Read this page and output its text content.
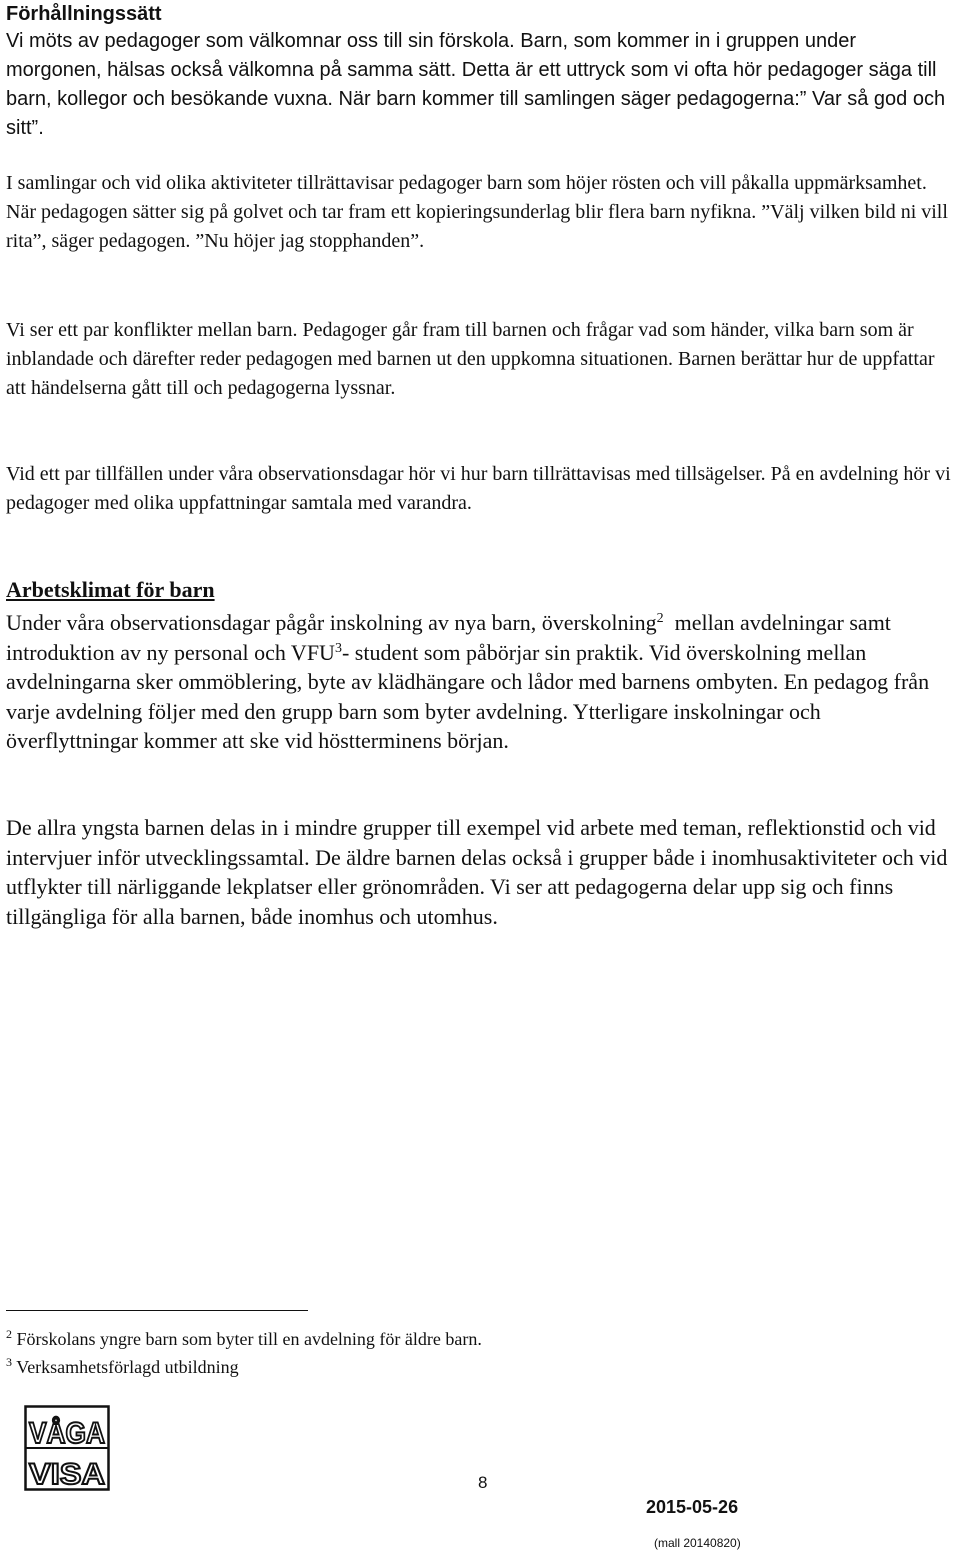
Förhållningssätt

Vi möts av pedagoger som välkomnar oss till sin förskola. Barn, som kommer in i gruppen under morgonen, hälsas också välkomna på samma sätt. Detta är ett uttryck som vi ofta hör pedagoger säga till barn, kollegor och besökande vuxna. När barn kommer till samlingen säger pedagogerna:” Var så god och sitt”.

I samlingar och vid olika aktiviteter tillrättavisar pedagoger barn som höjer rösten och vill påkalla uppmärksamhet. När pedagogen sätter sig på golvet och tar fram ett kopieringsunderlag blir flera barn nyfikna. ”Välj vilken bild ni vill rita”, säger pedagogen. ”Nu höjer jag stopphanden”.

Vi ser ett par konflikter mellan barn. Pedagoger går fram till barnen och frågar vad som händer, vilka barn som är inblandade och därefter reder pedagogen med barnen ut den uppkomna situationen. Barnen berättar hur de uppfattar att händelserna gått till och pedagogerna lyssnar.

Vid ett par tillfällen under våra observationsdagar hör vi hur barn tillrättavisas med tillsägelser. På en avdelning hör vi pedagoger med olika uppfattningar samtala med varandra.

Arbetsklimat för barn

Under våra observationsdagar pågår inskolning av nya barn, överskolning$^2$  mellan avdelningar samt introduktion av ny personal och VFU$^3$- student som påbörjar sin praktik. Vid överskolning mellan avdelningarna sker ommöblering, byte av klädhängare och lådor med barnens ombyten. En pedagog från varje avdelning följer med den grupp barn som byter avdelning. Ytterligare inskolningar och överflyttningar kommer att ske vid höstterminens början.

De allra yngsta barnen delas in i mindre grupper till exempel vid arbete med teman, reflektionstid och vid intervjuer inför utvecklingssamtal. De äldre barnen delas också i grupper både i inomhusaktiviteter och vid utflykter till närliggande lekplatser eller grönområden. Vi ser att pedagogerna delar upp sig och finns tillgängliga för alla barnen, både inomhus och utomhus.

$^2$ Förskolans yngre barn som byter till en avdelning för äldre barn.
$^3$ Verksamhetsförlagd utbildning
VÅGA
VISA	8
2015-05-26
(mall 20140820)
